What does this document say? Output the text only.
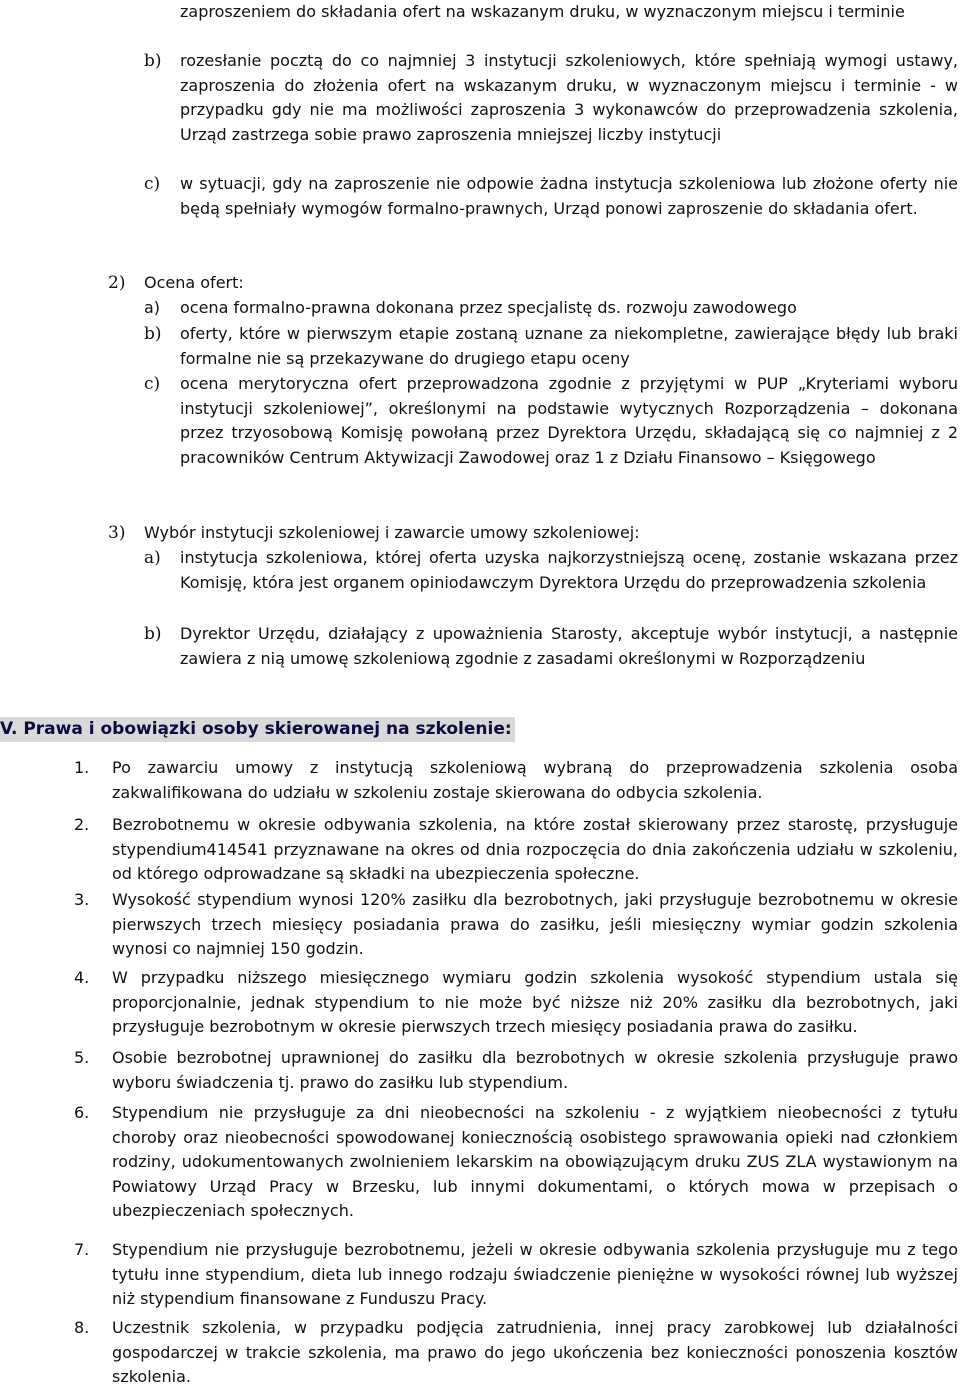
zaproszeniem do składania ofert na wskazanym druku, w wyznaczonym miejscu i terminie

b) rozesłanie pocztą do co najmniej 3 instytucji szkoleniowych, które spełniają wymogi ustawy, zaproszenia do złożenia ofert na wskazanym druku, w wyznaczonym miejscu i terminie - w przypadku gdy nie ma możliwości zaproszenia 3 wykonawców do przeprowadzenia szkolenia, Urząd zastrzega sobie prawo zaproszenia mniejszej liczby instytucji

c) w sytuacji, gdy na zaproszenie nie odpowie żadna instytucja szkoleniowa lub złożone oferty nie będą spełniały wymogów formalno-prawnych, Urząd ponowi zaproszenie do składania ofert.

2) Ocena ofert:

a) ocena formalno-prawna dokonana przez specjalistę ds. rozwoju zawodowego

b) oferty, które w pierwszym etapie zostaną uznane za niekompletne, zawierające błędy lub braki formalne nie są przekazywane do drugiego etapu oceny

c) ocena merytoryczna ofert przeprowadzona zgodnie z przyjętymi w PUP „Kryteriami wyboru instytucji szkoleniowej”, określonymi na podstawie wytycznych Rozporządzenia – dokonana przez trzyosobową Komisję powołaną przez Dyrektora Urzędu, składającą się co najmniej z 2 pracowników Centrum Aktywizacji Zawodowej oraz 1 z Działu Finansowo – Księgowego

3) Wybór instytucji szkoleniowej i zawarcie umowy szkoleniowej:

a) instytucja szkoleniowa, której oferta uzyska najkorzystniejszą ocenę, zostanie wskazana przez Komisję, która jest organem opiniodawczym Dyrektora Urzędu do przeprowadzenia szkolenia

b) Dyrektor Urzędu, działający z upoważnienia Starosty, akceptuje wybór instytucji, a następnie zawiera z nią umowę szkoleniową zgodnie z zasadami określonymi w Rozporządzeniu

V. Prawa i obowiązki osoby skierowanej na szkolenie:
1. Po zawarciu umowy z instytucją szkoleniową wybraną do przeprowadzenia szkolenia osoba zakwalifikowana do udziału w szkoleniu zostaje skierowana do odbycia szkolenia.

2. Bezrobotnemu w okresie odbywania szkolenia, na które został skierowany przez starostę, przysługuje stypendium414541 przyznawane na okres od dnia rozpoczęcia do dnia zakończenia udziału w szkoleniu, od którego odprowadzane są składki na ubezpieczenia społeczne.

3. Wysokość stypendium wynosi 120% zasiłku dla bezrobotnych, jaki przysługuje bezrobotnemu w okresie pierwszych trzech miesięcy posiadania prawa do zasiłku, jeśli miesięczny wymiar godzin szkolenia wynosi co najmniej 150 godzin.

4. W przypadku niższego miesięcznego wymiaru godzin szkolenia wysokość stypendium ustala się proporcjonalnie, jednak stypendium to nie może być niższe niż 20% zasiłku dla bezrobotnych, jaki przysługuje bezrobotnym w okresie pierwszych trzech miesięcy posiadania prawa do zasiłku.

5. Osobie bezrobotnej uprawnionej do zasiłku dla bezrobotnych w okresie szkolenia przysługuje prawo wyboru świadczenia tj. prawo do zasiłku lub stypendium.

6. Stypendium nie przysługuje za dni nieobecności na szkoleniu - z wyjątkiem nieobecności z tytułu choroby oraz nieobecności spowodowanej koniecznością osobistego sprawowania opieki nad członkiem rodziny, udokumentowanych zwolnieniem lekarskim na obowiązującym druku ZUS ZLA wystawionym na Powiatowy Urząd Pracy w Brzesku, lub innymi dokumentami, o których mowa w przepisach o ubezpieczeniach społecznych.

7. Stypendium nie przysługuje bezrobotnemu, jeżeli w okresie odbywania szkolenia przysługuje mu z tego tytułu inne stypendium, dieta lub innego rodzaju świadczenie pieniężne w wysokości równej lub wyższej niż stypendium finansowane z Funduszu Pracy.

8. Uczestnik szkolenia, w przypadku podjęcia zatrudnienia, innej pracy zarobkowej lub działalności gospodarczej w trakcie szkolenia, ma prawo do jego ukończenia bez konieczności ponoszenia kosztów szkolenia.
